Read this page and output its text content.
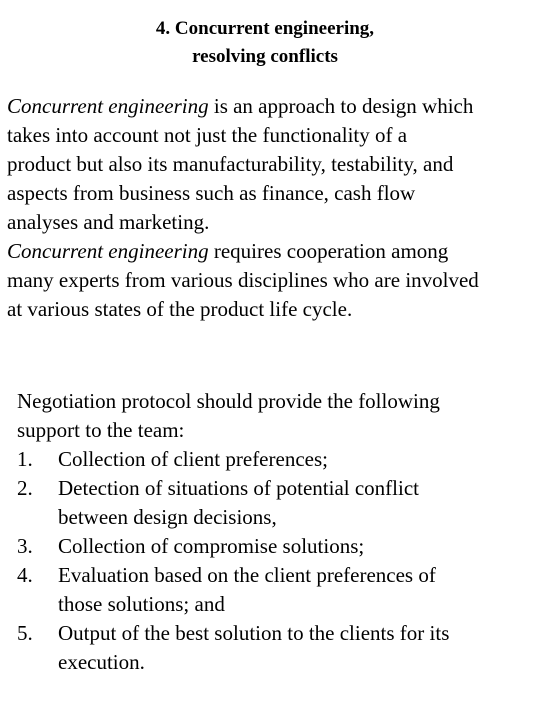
4. Concurrent engineering,
resolving conflicts
Concurrent engineering is an approach to design which
takes into account not just the functionality of a
product but also its manufacturability, testability, and
aspects from business such as finance, cash flow
analyses and marketing.
Concurrent engineering requires cooperation among
many experts from various disciplines who are involved
at various states of the product life cycle.
Negotiation protocol should provide the following
support to the team:
1. Collection of client preferences;
2. Detection of situations of potential conflict
between design decisions,
3. Collection of compromise solutions;
4. Evaluation based on the client preferences of
those solutions; and
5. Output of the best solution to the clients for its
execution.
